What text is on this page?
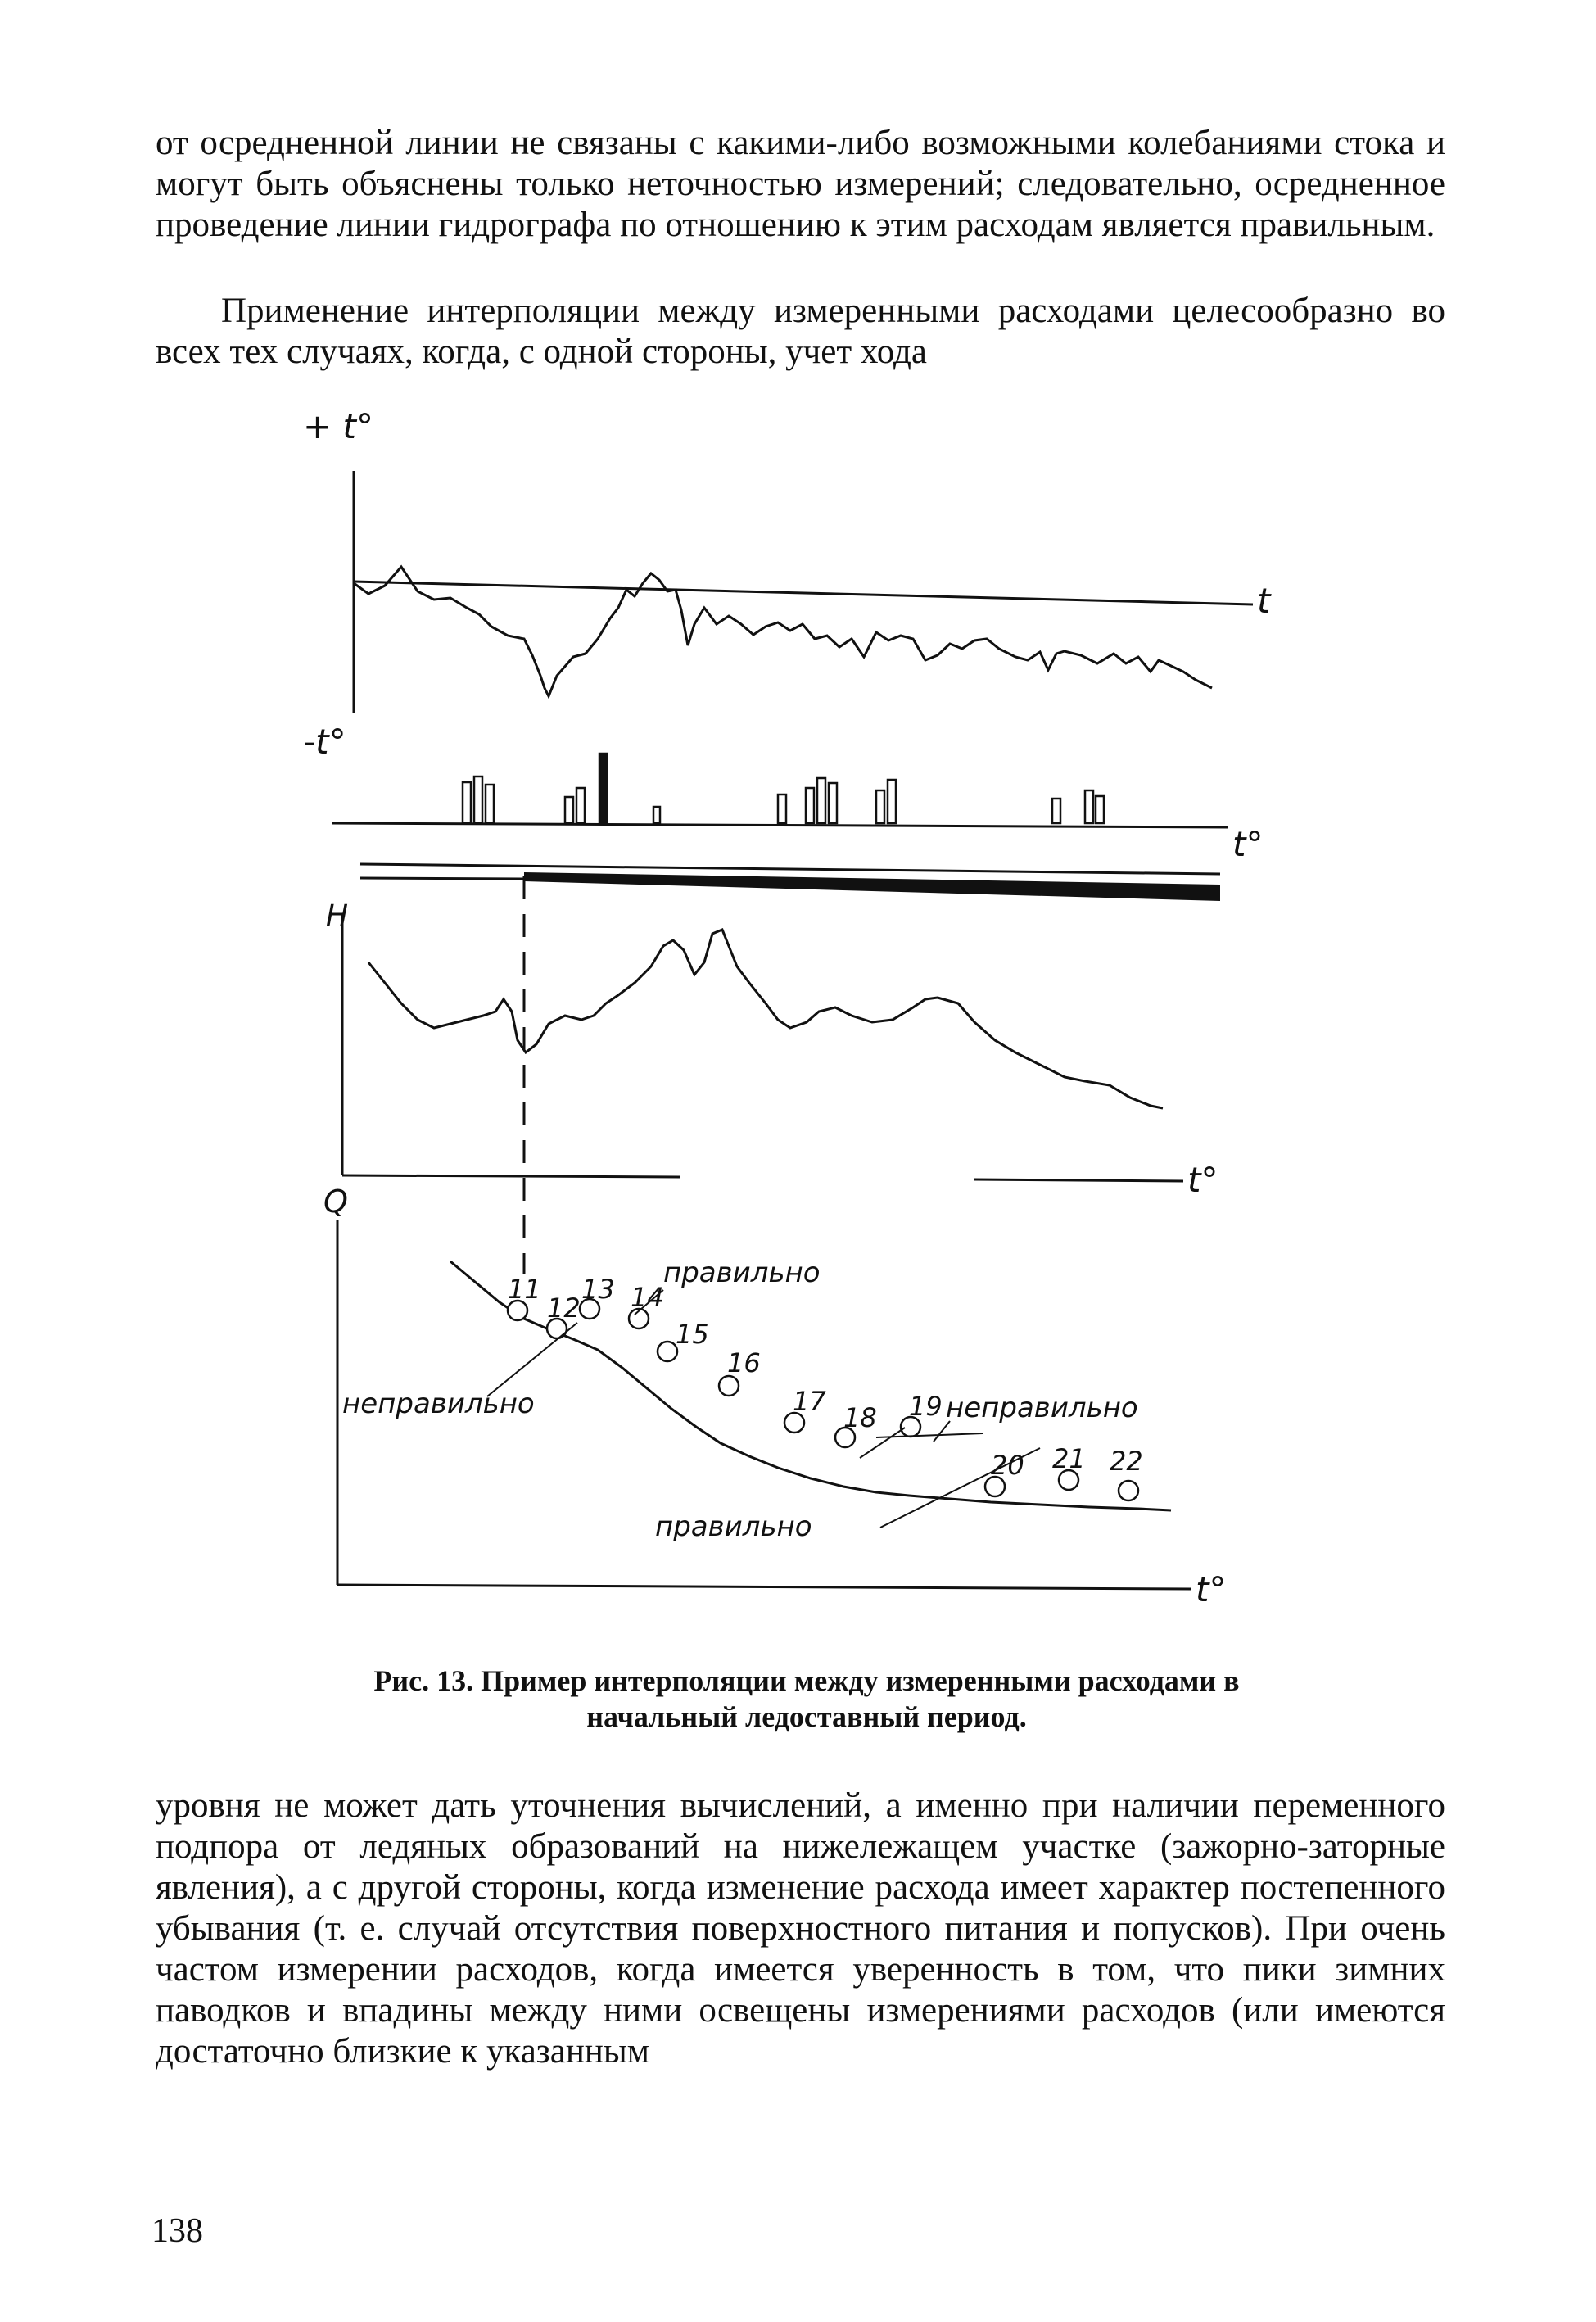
от осредненной линии не связаны с какими-либо возможными колебаниями стока и могут быть объяснены только неточностью измерений; следовательно, осредненное проведение линии гидрографа по отношению к этим расходам является правильным.

Применение интерполяции между измеренными расходами целесообразно во всех тех случаях, когда, с одной стороны, учет хода

+ t°
-t°
t
t°
H
t°
Q
t°
правильно
неправильно	неправильно
правильно
11
12
13 14
15
16
17
18 19
20 21 22
Рис. 13. Пример интерполяции между измеренными расходами в начальный ледоставный период.

уровня не может дать уточнения вычислений, а именно при наличии переменного подпора от ледяных образований на нижележащем участке (зажорно-заторные явления), а с другой стороны, когда изменение расхода имеет характер постепенного убывания (т. е. случай отсутствия поверхностного питания и попусков). При очень частом измерении расходов, когда имеется уверенность в том, что пики зимних паводков и впадины между ними освещены измерениями расходов (или имеются достаточно близкие к указанным

138
